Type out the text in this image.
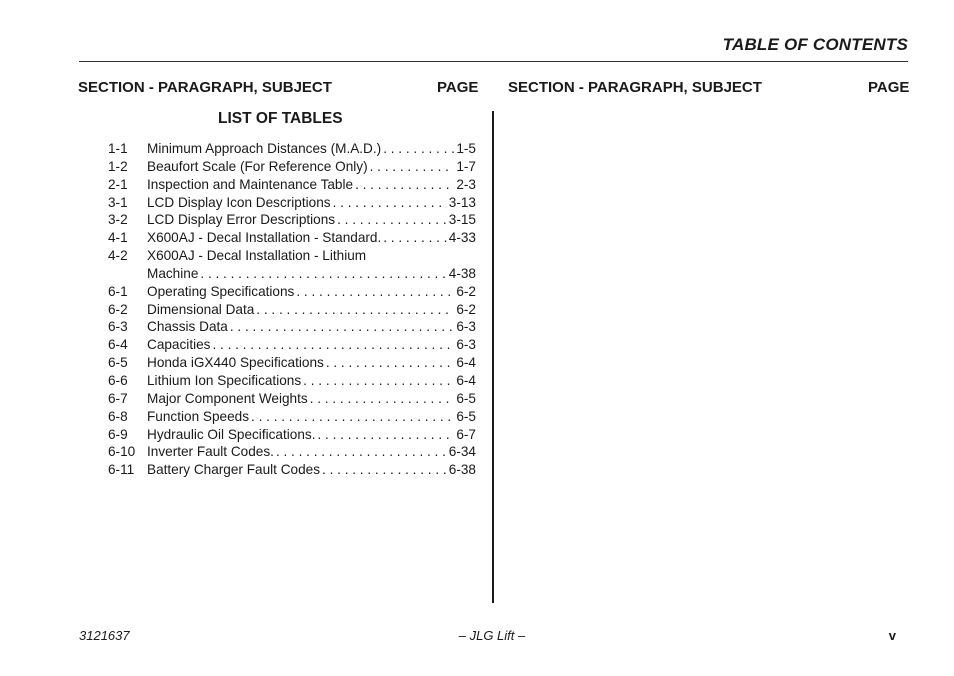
TABLE OF CONTENTS
SECTION - PARAGRAPH, SUBJECT	PAGE SECTION - PARAGRAPH, SUBJECT	PAGE
LIST OF TABLES
1-1	Minimum Approach Distances (M.A.D.) . . .	1-5
1-2	Beaufort Scale (For Reference Only) . . .	1-7
2-1	Inspection and Maintenance Table . . .	2-3
3-1	LCD Display Icon Descriptions . . .	3-13
3-2	LCD Display Error Descriptions . . .	3-15
4-1	X600AJ - Decal Installation - Standard. . . .	4-33
4-2	X600AJ - Decal Installation - Lithium
Machine . . .	4-38
6-1	Operating Specifications . . .	6-2
6-2	Dimensional Data . . .	6-2
6-3	Chassis Data . . .	6-3
6-4	Capacities . . .	6-3
6-5	Honda iGX440 Specifications . . .	6-4
6-6	Lithium Ion Specifications . . .	6-4
6-7	Major Component Weights . . .	6-5
6-8	Function Speeds . . .	6-5
6-9	Hydraulic Oil Specifications. . . .	6-7
6-10 Inverter Fault Codes. . . .	6-34
6-11 Battery Charger Fault Codes . . .	6-38
3121637	– JLG Lift –	v
